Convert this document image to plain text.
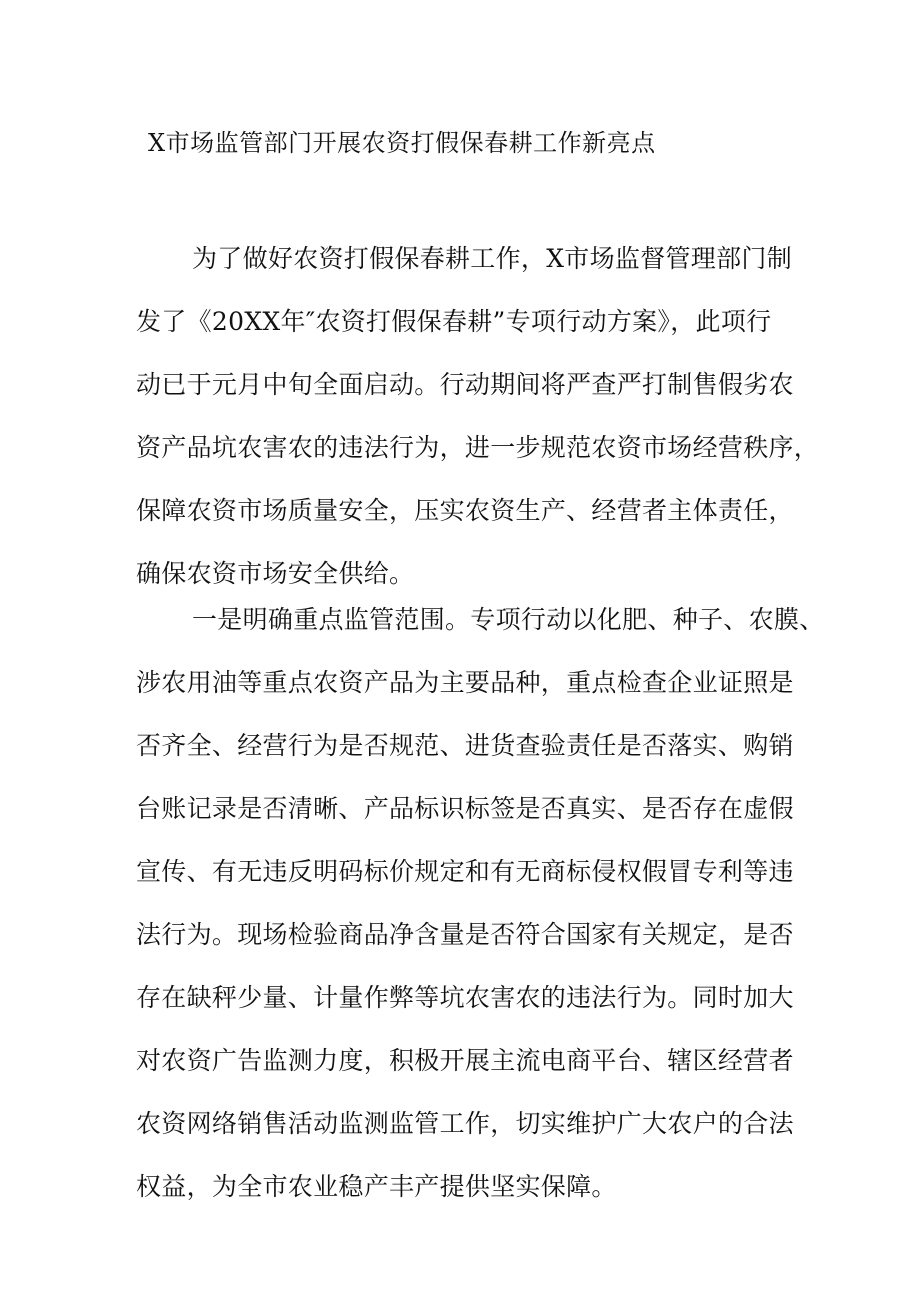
X市场监管部门开展农资打假保春耕工作新亮点
为了做好农资打假保春耕工作，X市场监督管理部门制
发了《20XX年″农资打假保春耕”专项行动方案》，此项行
动已于元月中旬全面启动。行动期间将严查严打制售假劣农
资产品坑农害农的违法行为，进一步规范农资市场经营秩序，
保障农资市场质量安全，压实农资生产、经营者主体责任，
确保农资市场安全供给。
一是明确重点监管范围。专项行动以化肥、种子、农膜、
涉农用油等重点农资产品为主要品种，重点检查企业证照是
否齐全、经营行为是否规范、进货查验责任是否落实、购销
台账记录是否清晰、产品标识标签是否真实、是否存在虚假
宣传、有无违反明码标价规定和有无商标侵权假冒专利等违
法行为。现场检验商品净含量是否符合国家有关规定，是否
存在缺秤少量、计量作弊等坑农害农的违法行为。同时加大
对农资广告监测力度，积极开展主流电商平台、辖区经营者
农资网络销售活动监测监管工作，切实维护广大农户的合法
权益，为全市农业稳产丰产提供坚实保障。
